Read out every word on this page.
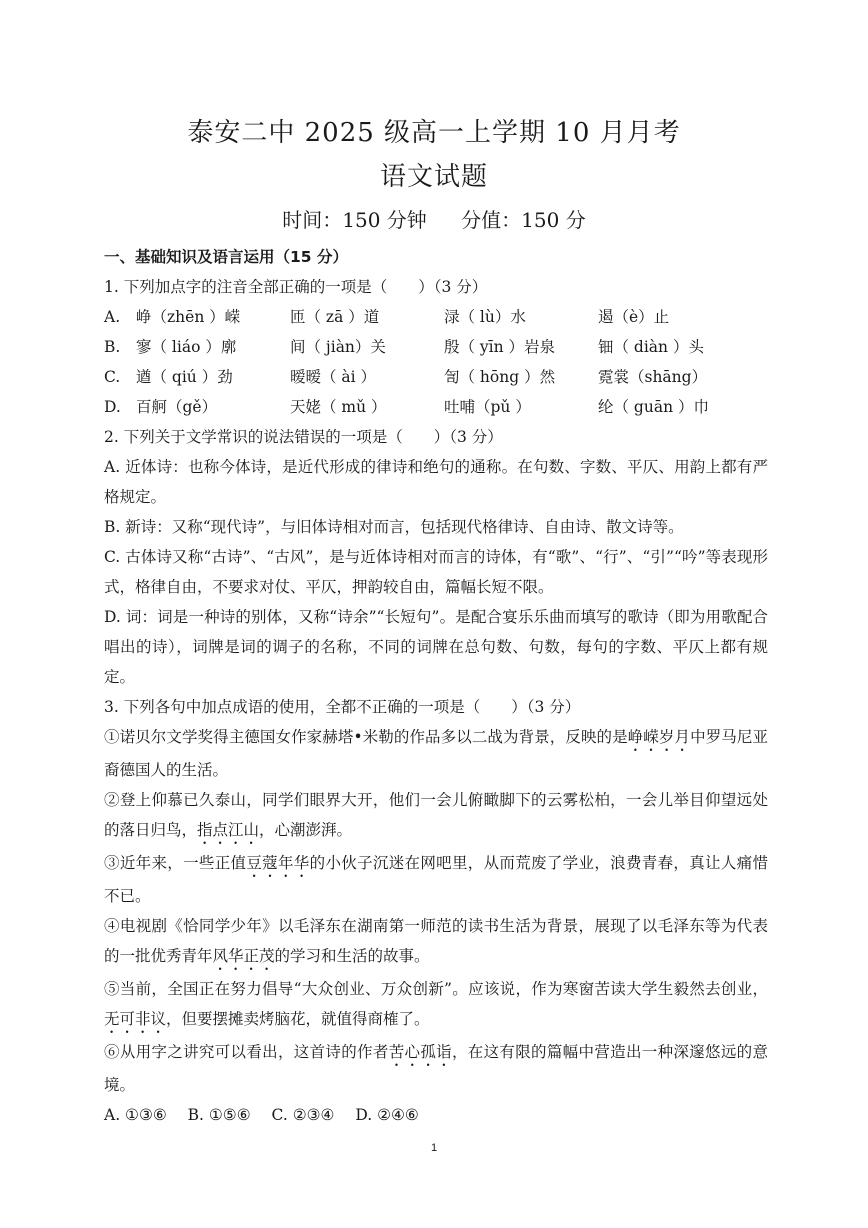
泰安二中 2025 级高一上学期 10 月月考
语文试题
时间：150 分钟 分值：150 分

一、基础知识及语言运用（15 分）

1. 下列加点字的注音全部正确的一项是（　　）（3 分）

A.	峥（zhēn ）嵘	匝（ zā ）道	渌（ lù）水	遏（è）止
B.	寥（ liáo ）廓	间（ jiàn）关	殷（ yīn ）岩泉	钿（ diàn ）头
C.	遒（ qiú ）劲	暧暧（ ài ）	訇（ hōng ）然	霓裳（shāng）
D. 百舸（gě）	天姥（ mǔ ）	吐哺（pǔ ）	纶（ guān ）巾

2. 下列关于文学常识的说法错误的一项是（　　）（3 分）

A. 近体诗：也称今体诗，是近代形成的律诗和绝句的通称。在句数、字数、平仄、用韵上都有严格规定。

B. 新诗：又称“现代诗”，与旧体诗相对而言，包括现代格律诗、自由诗、散文诗等。

C. 古体诗又称“古诗”、“古风”，是与近体诗相对而言的诗体，有“歌”、“行”、“引”“吟”等表现形式，格律自由，不要求对仗、平仄，押韵较自由，篇幅长短不限。

D. 词：词是一种诗的别体，又称“诗余”“长短句”。是配合宴乐乐曲而填写的歌诗（即为用歌配合唱出的诗），词牌是词的调子的名称，不同的词牌在总句数、句数，每句的字数、平仄上都有规定。

3. 下列各句中加点成语的使用，全都不正确的一项是（　　）（3 分）

①诺贝尔文学奖得主德国女作家赫塔•米勒的作品多以二战为背景，反映的是峥嵘岁月中罗马尼亚裔德国人的生活。

②登上仰慕已久泰山，同学们眼界大开，他们一会儿俯瞰脚下的云雾松柏，一会儿举目仰望远处的落日归鸟，指点江山，心潮澎湃。

③近年来，一些正值豆蔻年华的小伙子沉迷在网吧里，从而荒废了学业，浪费青春，真让人痛惜不已。

④电视剧《恰同学少年》以毛泽东在湖南第一师范的读书生活为背景，展现了以毛泽东等为代表的一批优秀青年风华正茂的学习和生活的故事。

⑤当前，全国正在努力倡导“大众创业、万众创新”。应该说，作为寒窗苦读大学生毅然去创业，无可非议，但要摆摊卖烤脑花，就值得商榷了。

⑥从用字之讲究可以看出，这首诗的作者苦心孤诣，在这有限的篇幅中营造出一种深邃悠远的意境。

A. ①③⑥ B. ①⑤⑥ C. ②③④ D. ②④⑥

1
